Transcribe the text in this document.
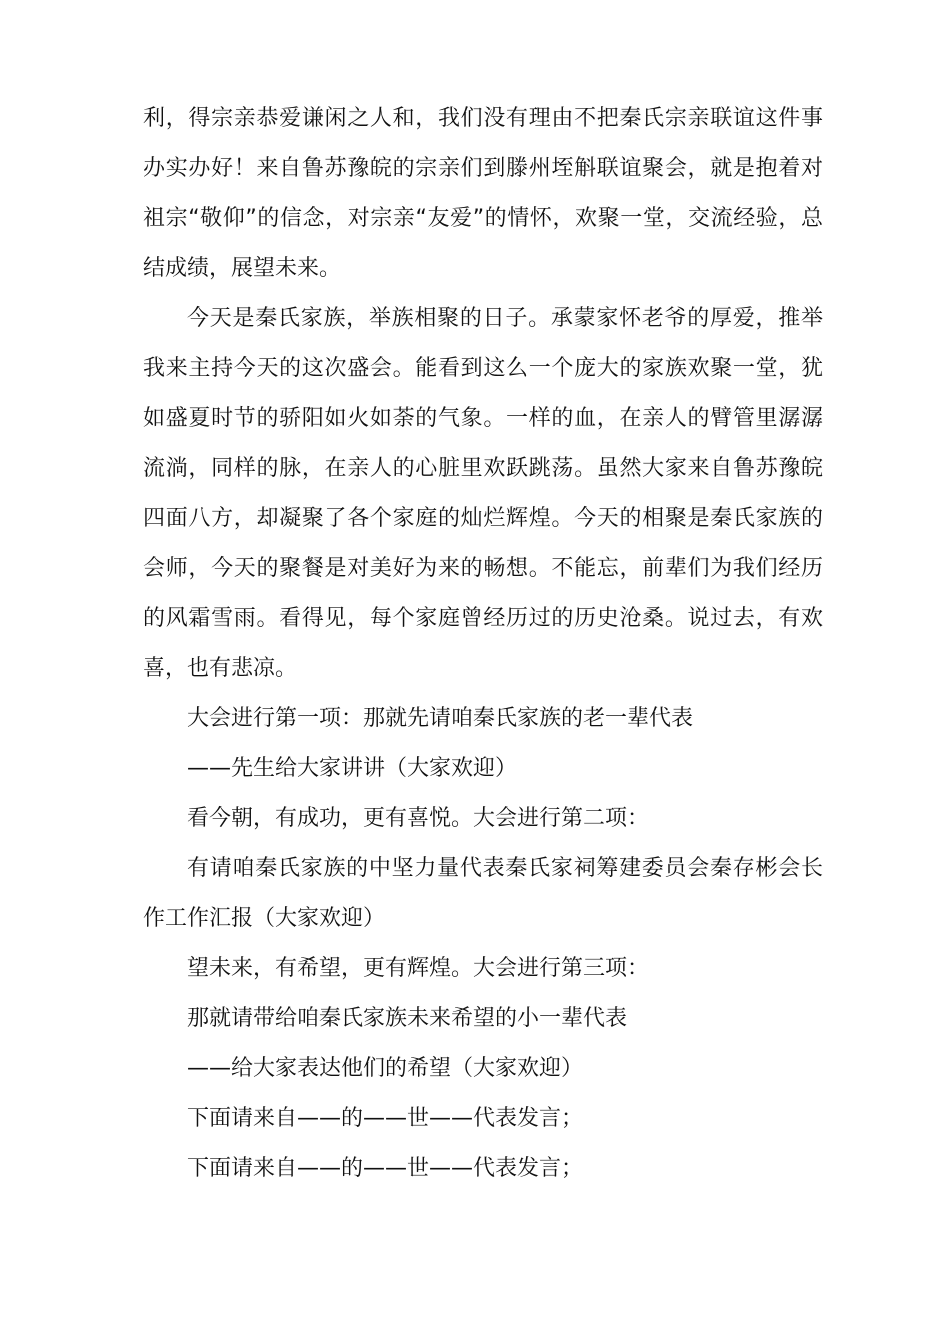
利，得宗亲恭爱谦闲之人和，我们没有理由不把秦氏宗亲联谊这件事办实办好！来自鲁苏豫皖的宗亲们到滕州垤斛联谊聚会，就是抱着对祖宗“敬仰”的信念，对宗亲“友爱”的情怀，欢聚一堂，交流经验，总结成绩，展望未来。

今天是秦氏家族，举族相聚的日子。承蒙家怀老爷的厚爱，推举我来主持今天的这次盛会。能看到这么一个庞大的家族欢聚一堂，犹如盛夏时节的骄阳如火如荼的气象。一样的血，在亲人的臂管里潺潺流淌，同样的脉，在亲人的心脏里欢跃跳荡。虽然大家来自鲁苏豫皖四面八方，却凝聚了各个家庭的灿烂辉煌。今天的相聚是秦氏家族的会师，今天的聚餐是对美好为来的畅想。不能忘，前辈们为我们经历的风霜雪雨。看得见，每个家庭曾经历过的历史沧桑。说过去，有欢喜，也有悲凉。

大会进行第一项：那就先请咱秦氏家族的老一辈代表

——先生给大家讲讲（大家欢迎）

看今朝，有成功，更有喜悦。大会进行第二项：

有请咱秦氏家族的中坚力量代表秦氏家祠筹建委员会秦存彬会长作工作汇报（大家欢迎）

望未来，有希望，更有辉煌。大会进行第三项：

那就请带给咱秦氏家族未来希望的小一辈代表

——给大家表达他们的希望（大家欢迎）

下面请来自——的——世——代表发言；

下面请来自——的——世——代表发言；
